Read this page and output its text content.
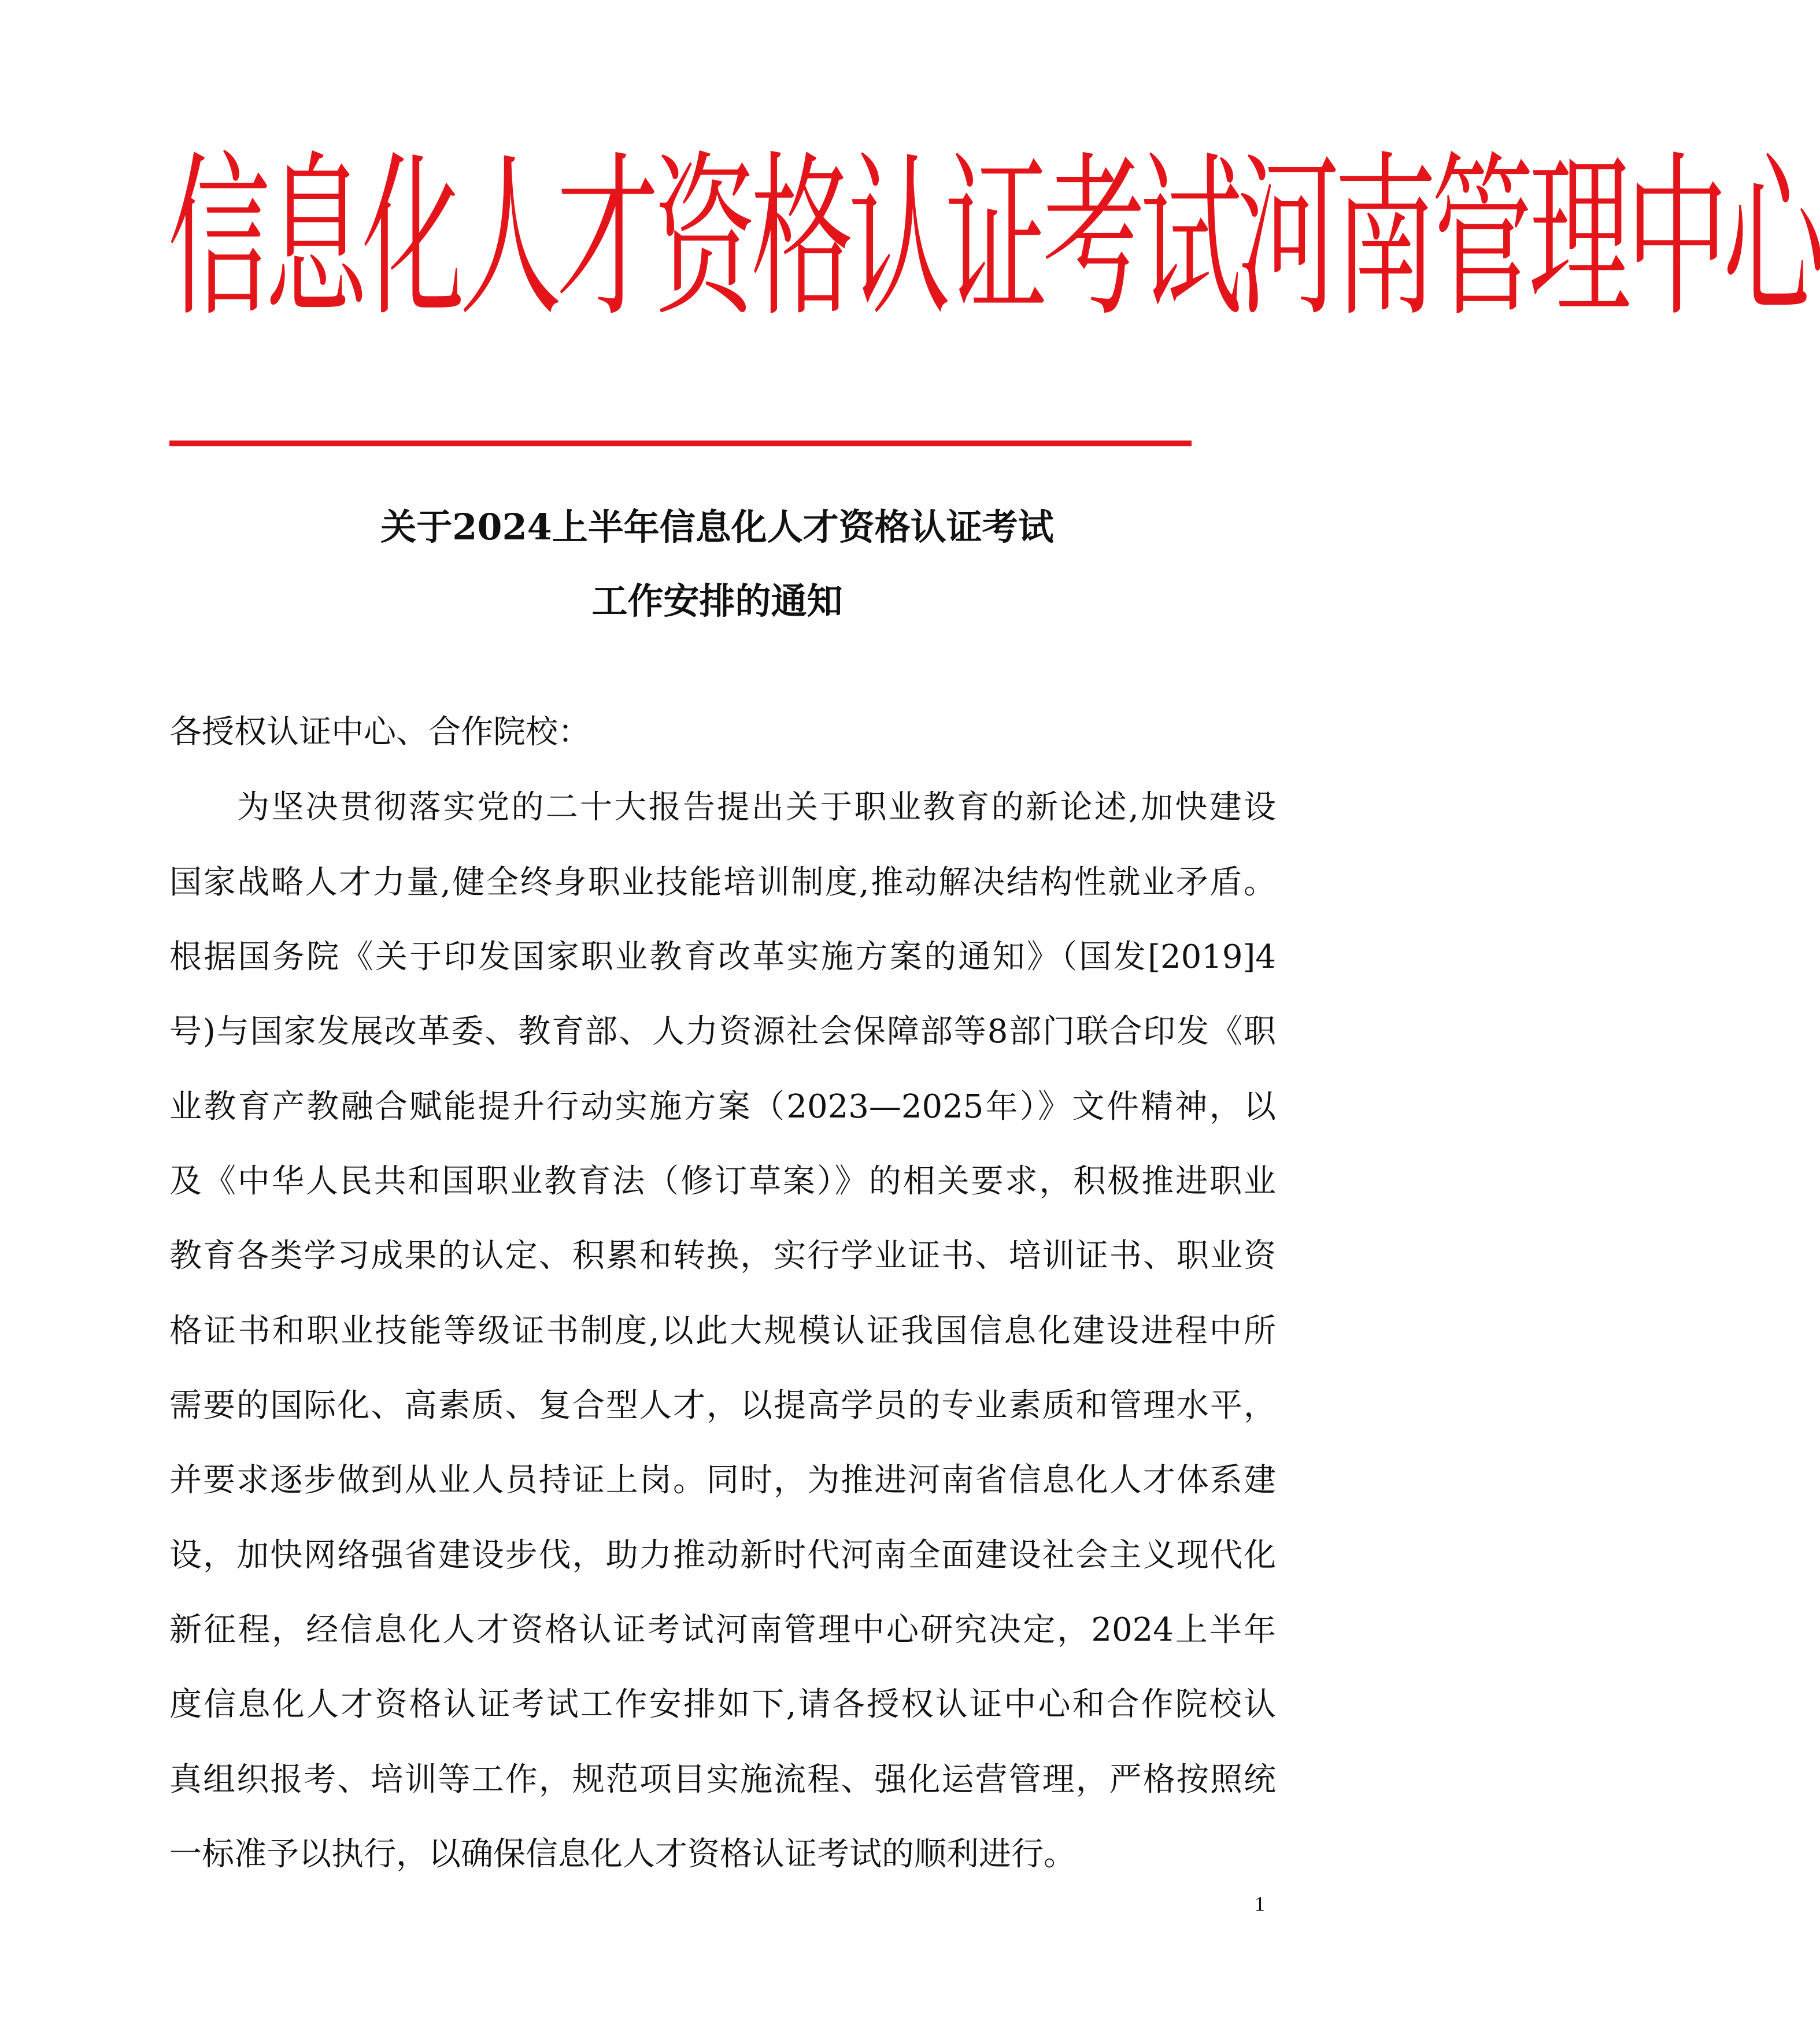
信息化人才资格认证考试河南管理中心
关于2024上半年信息化人才资格认证考试
工作安排的通知

各授权认证中心、合作院校：

为坚决贯彻落实党的二十大报告提出关于职业教育的新论述,加快建设

国家战略人才力量,健全终身职业技能培训制度,推动解决结构性就业矛盾。

根据国务院《关于印发国家职业教育改革实施方案的通知》（国发[2019]4

号)与国家发展改革委、教育部、人力资源社会保障部等8部门联合印发《职

业教育产教融合赋能提升行动实施方案（2023—2025年）》文件精神，以

及《中华人民共和国职业教育法（修订草案）》的相关要求，积极推进职业

教育各类学习成果的认定、积累和转换，实行学业证书、培训证书、职业资

格证书和职业技能等级证书制度,以此大规模认证我国信息化建设进程中所

需要的国际化、高素质、复合型人才，以提高学员的专业素质和管理水平，

并要求逐步做到从业人员持证上岗。同时，为推进河南省信息化人才体系建

设，加快网络强省建设步伐，助力推动新时代河南全面建设社会主义现代化

新征程，经信息化人才资格认证考试河南管理中心研究决定，2024上半年

度信息化人才资格认证考试工作安排如下,请各授权认证中心和合作院校认

真组织报考、培训等工作，规范项目实施流程、强化运营管理，严格按照统

一标准予以执行，以确保信息化人才资格认证考试的顺利进行。

1
